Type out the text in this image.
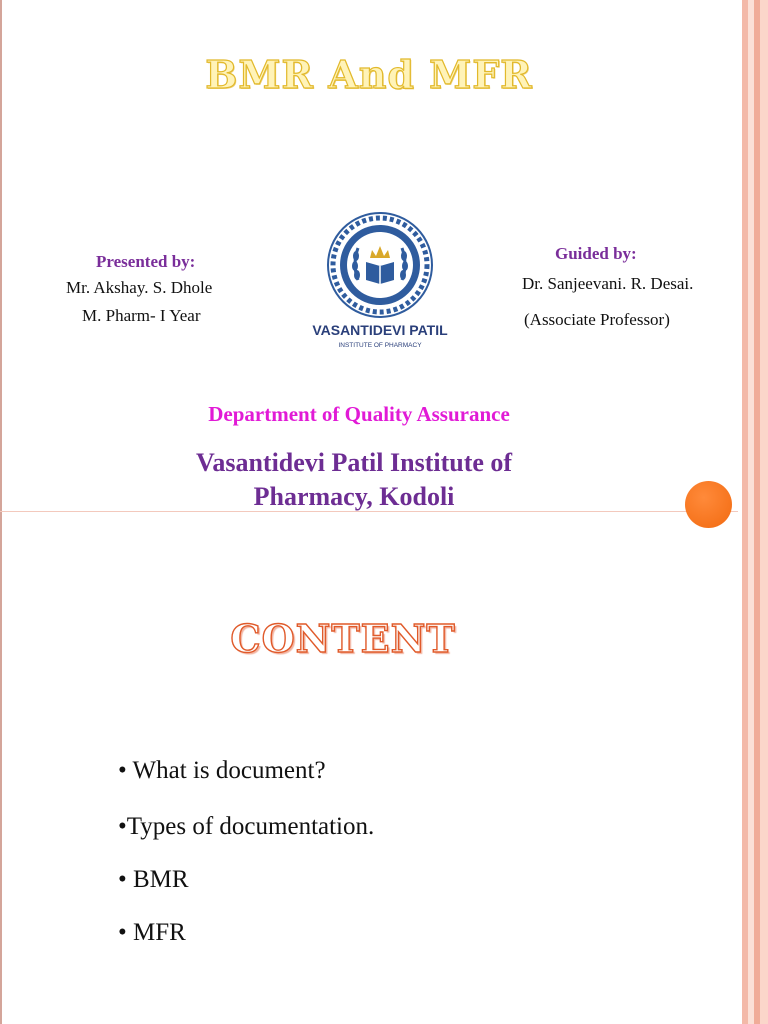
BMR And MFR
Presented by:
Mr. Akshay. S. Dhole
M. Pharm- I Year
VASANTIDEVI PATIL
INSTITUTE OF PHARMACY
Guided by:
Dr. Sanjeevani. R. Desai.
(Associate Professor)
Department of Quality Assurance
Vasantidevi Patil Institute of
Pharmacy, Kodoli
CONTENT
• What is document?
•Types of documentation.
• BMR
• MFR
